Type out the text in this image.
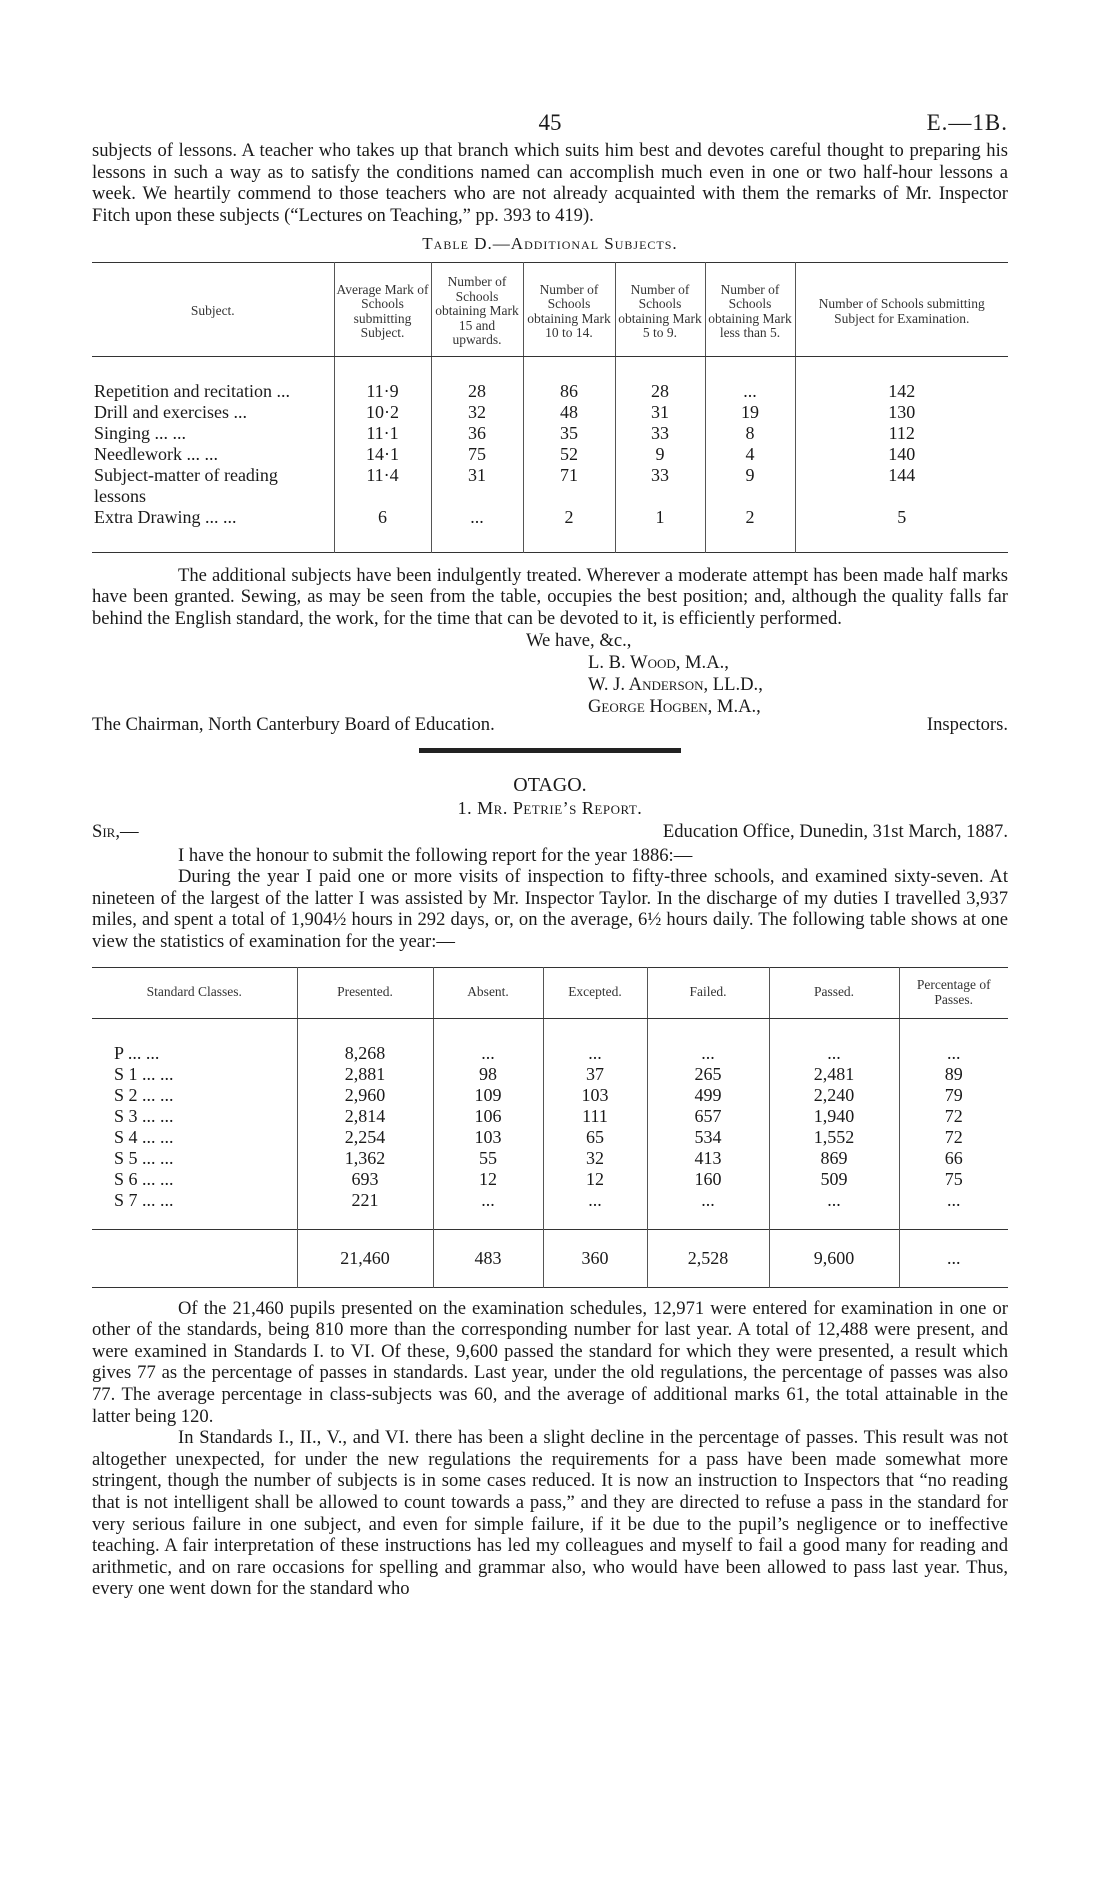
45	E.—1B.

subjects of lessons. A teacher who takes up that branch which suits him best and devotes careful thought to preparing his lessons in such a way as to satisfy the conditions named can accomplish much even in one or two half-hour lessons a week. We heartily commend to those teachers who are not already acquainted with them the remarks of Mr. Inspector Fitch upon these subjects (“Lectures on Teaching,” pp. 393 to 419).

Table D.—Additional Subjects.
Subject.	Average Mark of Schools submitting Subject.	Number of Schools obtaining Mark 15 and upwards.	Number of Schools obtaining Mark 10 to 14.	Number of Schools obtaining Mark 5 to 9.	Number of Schools obtaining Mark less than 5.	Number of Schools submitting Subject for Examination.
Repetition and recitation ...	11·9	28	86	28	...	142
Drill and exercises ...	10·2	32	48	31	19	130
Singing ... ...	11·1	36	35	33	8	112
Needlework ... ...	14·1	75	52	9	4	140
Subject-matter of reading lessons	11·4	31	71	33	9	144
Extra Drawing ... ...	6	...	2	1	2	5

The additional subjects have been indulgently treated. Wherever a moderate attempt has been made half marks have been granted. Sewing, as may be seen from the table, occupies the best position; and, although the quality falls far behind the English standard, the work, for the time that can be devoted to it, is efficiently performed.

We have, &c.,
L. B. Wood, M.A.,
W. J. Anderson, LL.D.,
George Hogben, M.A.,
The Chairman, North Canterbury Board of Education.	Inspectors.
OTAGO.
1. Mr. Petrie’s Report.
Sir,—	Education Office, Dunedin, 31st March, 1887.

I have the honour to submit the following report for the year 1886:—

During the year I paid one or more visits of inspection to fifty-three schools, and examined sixty-seven. At nineteen of the largest of the latter I was assisted by Mr. Inspector Taylor. In the discharge of my duties I travelled 3,937 miles, and spent a total of 1,904½ hours in 292 days, or, on the average, 6½ hours daily. The following table shows at one view the statistics of examination for the year:—

Standard Classes.	Presented.	Absent.	Excepted.	Failed.	Passed.	Percentage of Passes.
P ... ...	8,268	...	...	...	...	...
S 1 ... ...	2,881	98	37	265	2,481	89
S 2 ... ...	2,960	109	103	499	2,240	79
S 3 ... ...	2,814	106	111	657	1,940	72
S 4 ... ...	2,254	103	65	534	1,552	72
S 5 ... ...	1,362	55	32	413	869	66
S 6 ... ...	693	12	12	160	509	75
S 7 ... ...	221	...	...	...	...	...
	21,460	483	360	2,528	9,600	...

Of the 21,460 pupils presented on the examination schedules, 12,971 were entered for examination in one or other of the standards, being 810 more than the corresponding number for last year. A total of 12,488 were present, and were examined in Standards I. to VI. Of these, 9,600 passed the standard for which they were presented, a result which gives 77 as the percentage of passes in standards. Last year, under the old regulations, the percentage of passes was also 77. The average percentage in class-subjects was 60, and the average of additional marks 61, the total attainable in the latter being 120.

In Standards I., II., V., and VI. there has been a slight decline in the percentage of passes. This result was not altogether unexpected, for under the new regulations the requirements for a pass have been made somewhat more stringent, though the number of subjects is in some cases reduced. It is now an instruction to Inspectors that “no reading that is not intelligent shall be allowed to count towards a pass,” and they are directed to refuse a pass in the standard for very serious failure in one subject, and even for simple failure, if it be due to the pupil’s negligence or to ineffective teaching. A fair interpretation of these instructions has led my colleagues and myself to fail a good many for reading and arithmetic, and on rare occasions for spelling and grammar also, who would have been allowed to pass last year. Thus, every one went down for the standard who
